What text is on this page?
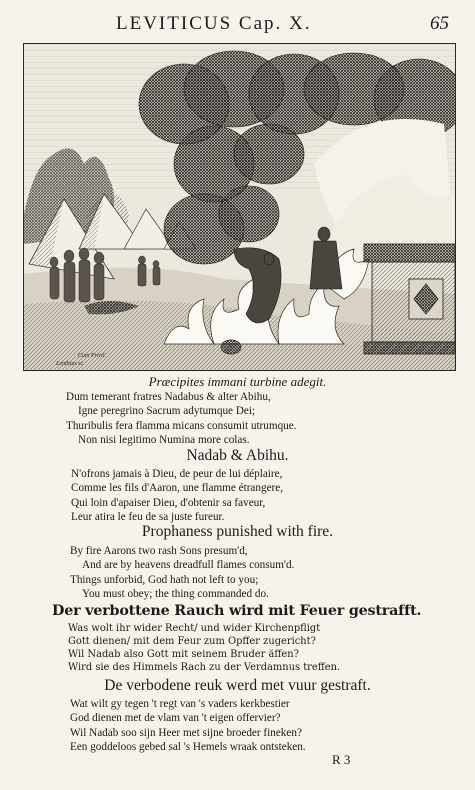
LEVITICUS Cap. X.	65
Cum Privil.
Lenthius sc.
Præcipites immani turbine adegit.
Dum temerant fratres Nadabus & alter Abihu,
Igne peregrino Sacrum adytumque Dei;
Thuribulis fera flamma micans consumit utrumque.
Non nisi legitimo Numina more colas.
Nadab & Abihu.
N'ofrons jamais à Dieu, de peur de lui déplaire,
Comme les fils d'Aaron, une flamme étrangere,
Qui loin d'apaiser Dieu, d'obtenir sa faveur,
Leur atira le feu de sa juste fureur.
Prophaness punished with fire.
By fire Aarons two rash Sons presum'd,
And are by heavens dreadfull flames consum'd.
Things unforbid, God hath not left to you;
You must obey; the thing commanded do.
Der verbottene Rauch wird mit Feuer gestrafft.
Was wolt ihr wider Recht/ und wider Kirchenpfligt
Gott dienen/ mit dem Feur zum Opffer zugericht?
Wil Nadab also Gott mit seinem Bruder äffen?
Wird sie des Himmels Rach zu der Verdamnus treffen.
De verbodene reuk werd met vuur gestraft.
Wat wilt gy tegen 't regt van 's vaders kerkbestier
God dienen met de vlam van 't eigen offervier?
Wil Nadab soo sijn Heer met sijne broeder fineken?
Een goddeloos gebed sal 's Hemels wraak ontsteken.
R 3
